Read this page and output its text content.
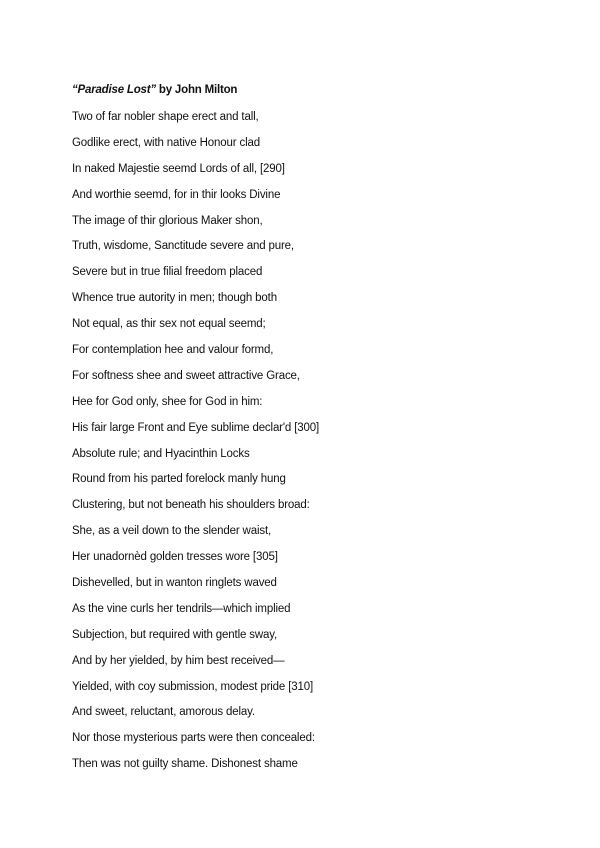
“Paradise Lost” by John Milton
Two of far nobler shape erect and tall,
Godlike erect, with native Honour clad
In naked Majestie seemd Lords of all, [290]
And worthie seemd, for in thir looks Divine
The image of thir glorious Maker shon,
Truth, wisdome, Sanctitude severe and pure,
Severe but in true filial freedom placed
Whence true autority in men; though both
Not equal, as thir sex not equal seemd;
For contemplation hee and valour formd,
For softness shee and sweet attractive Grace,
Hee for God only, shee for God in him:
His fair large Front and Eye sublime declar'd [300]
Absolute rule; and Hyacinthin Locks
Round from his parted forelock manly hung
Clustering, but not beneath his shoulders broad:
She, as a veil down to the slender waist,
Her unadornèd golden tresses wore [305]
Dishevelled, but in wanton ringlets waved
As the vine curls her tendrils—which implied
Subjection, but required with gentle sway,
And by her yielded, by him best received—
Yielded, with coy submission, modest pride [310]
And sweet, reluctant, amorous delay.
Nor those mysterious parts were then concealed:
Then was not guilty shame. Dishonest shame
